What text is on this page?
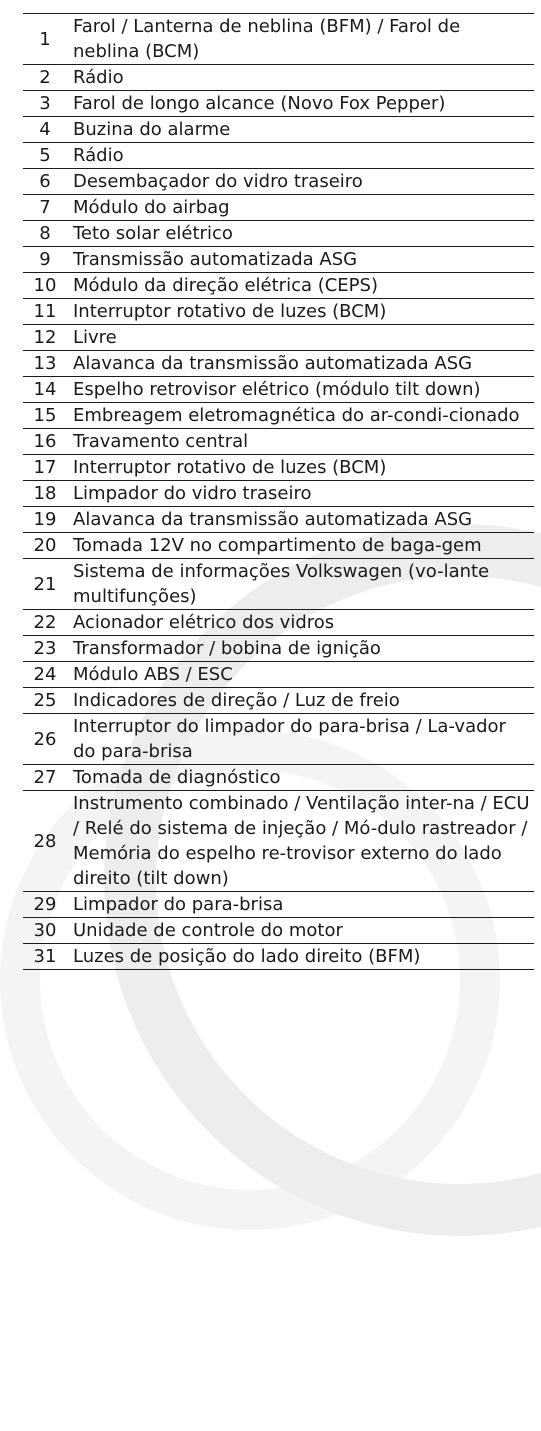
1	Farol / Lanterna de neblina (BFM) / Farol de neblina (BCM)
2	Rádio
3	Farol de longo alcance (Novo Fox Pepper)
4	Buzina do alarme
5	Rádio
6	Desembaçador do vidro traseiro
7	Módulo do airbag
8	Teto solar elétrico
9	Transmissão automatizada ASG
10	Módulo da direção elétrica (CEPS)
11	Interruptor rotativo de luzes (BCM)
12	Livre
13	Alavanca da transmissão automatizada ASG
14	Espelho retrovisor elétrico (módulo tilt down)
15	Embreagem eletromagnética do ar-condi-cionado
16	Travamento central
17	Interruptor rotativo de luzes (BCM)
18	Limpador do vidro traseiro
19	Alavanca da transmissão automatizada ASG
20	Tomada 12V no compartimento de baga-gem
21	Sistema de informações Volkswagen (vo-lante multifunções)
22	Acionador elétrico dos vidros
23	Transformador / bobina de ignição
24	Módulo ABS / ESC
25	Indicadores de direção / Luz de freio
26	Interruptor do limpador do para-brisa / La-vador do para-brisa
27	Tomada de diagnóstico
28	Instrumento combinado / Ventilação inter-na / ECU / Relé do sistema de injeção / Mó-dulo rastreador / Memória do espelho re-trovisor externo do lado direito (tilt down)
29	Limpador do para-brisa
30	Unidade de controle do motor
31	Luzes de posição do lado direito (BFM)
